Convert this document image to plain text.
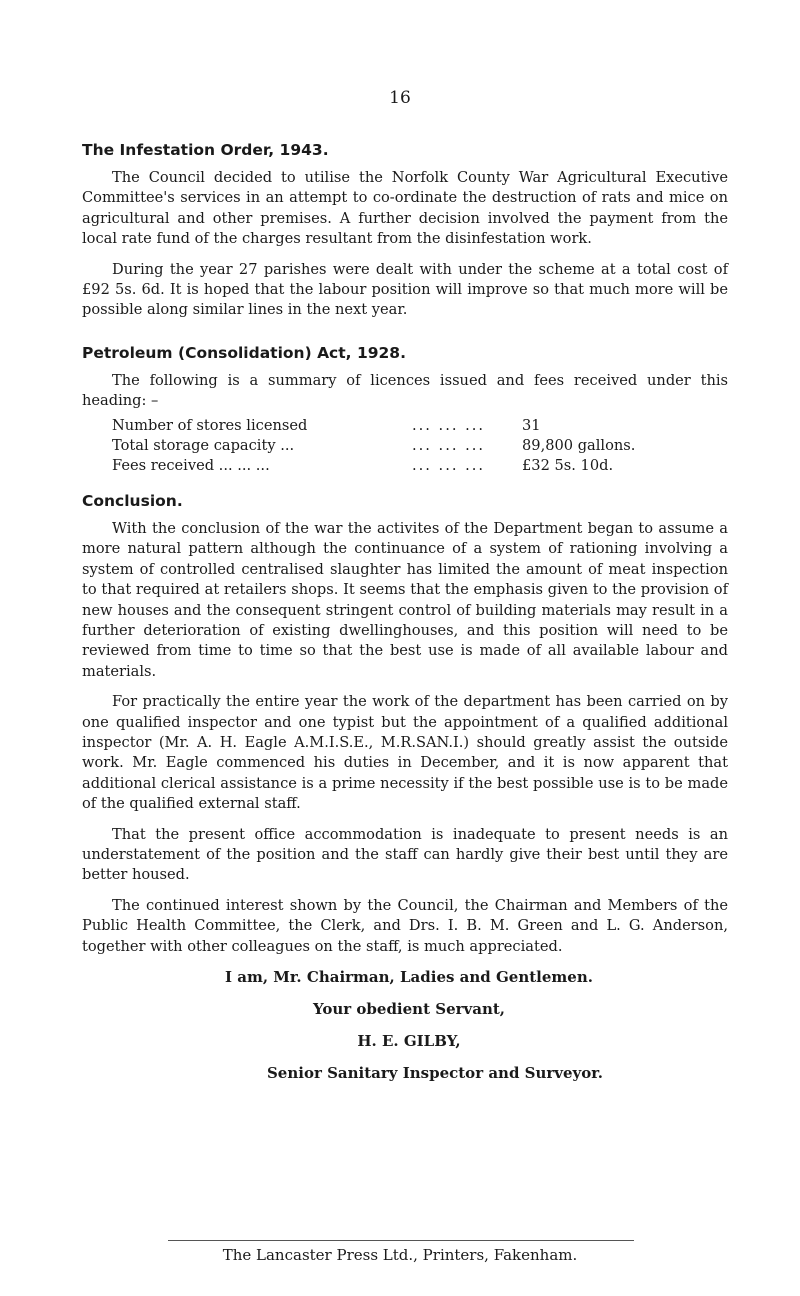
16
The Infestation Order, 1943.

The Council decided to utilise the Norfolk County War Agricultural Executive Committee's services in an attempt to co-ordinate the destruction of rats and mice on agricultural and other premises. A further decision involved the payment from the local rate fund of the charges resultant from the disinfestation work.

During the year 27 parishes were dealt with under the scheme at a total cost of £92 5s. 6d. It is hoped that the labour position will improve so that much more will be possible along similar lines in the next year.

Petroleum (Consolidation) Act, 1928.

The following is a summary of licences issued and fees received under this heading: –

Number of stores licensed	... ... ...	31
Total storage capacity ...	... ... ...	89,800 gallons.
Fees received ... ... ...	... ... ...	£32 5s. 10d.
Conclusion.

With the conclusion of the war the activites of the Department began to assume a more natural pattern although the continuance of a system of rationing involving a system of controlled centralised slaughter has limited the amount of meat inspection to that required at retailers shops. It seems that the emphasis given to the provision of new houses and the consequent stringent control of building materials may result in a further deterioration of existing dwellinghouses, and this position will need to be reviewed from time to time so that the best use is made of all available labour and materials.

For practically the entire year the work of the department has been carried on by one qualified inspector and one typist but the appointment of a qualified additional inspector (Mr. A. H. Eagle A.M.I.S.E., M.R.SAN.I.) should greatly assist the outside work. Mr. Eagle commenced his duties in December, and it is now apparent that additional clerical assistance is a prime necessity if the best possible use is to be made of the qualified external staff.

That the present office accommodation is inadequate to present needs is an understatement of the position and the staff can hardly give their best until they are better housed.

The continued interest shown by the Council, the Chairman and Members of the Public Health Committee, the Clerk, and Drs. I. B. M. Green and L. G. Anderson, together with other colleagues on the staff, is much appreciated.

I am, Mr. Chairman, Ladies and Gentlemen.

Your obedient Servant,

H. E. GILBY,

Senior Sanitary Inspector and Surveyor.

The Lancaster Press Ltd., Printers, Fakenham.
